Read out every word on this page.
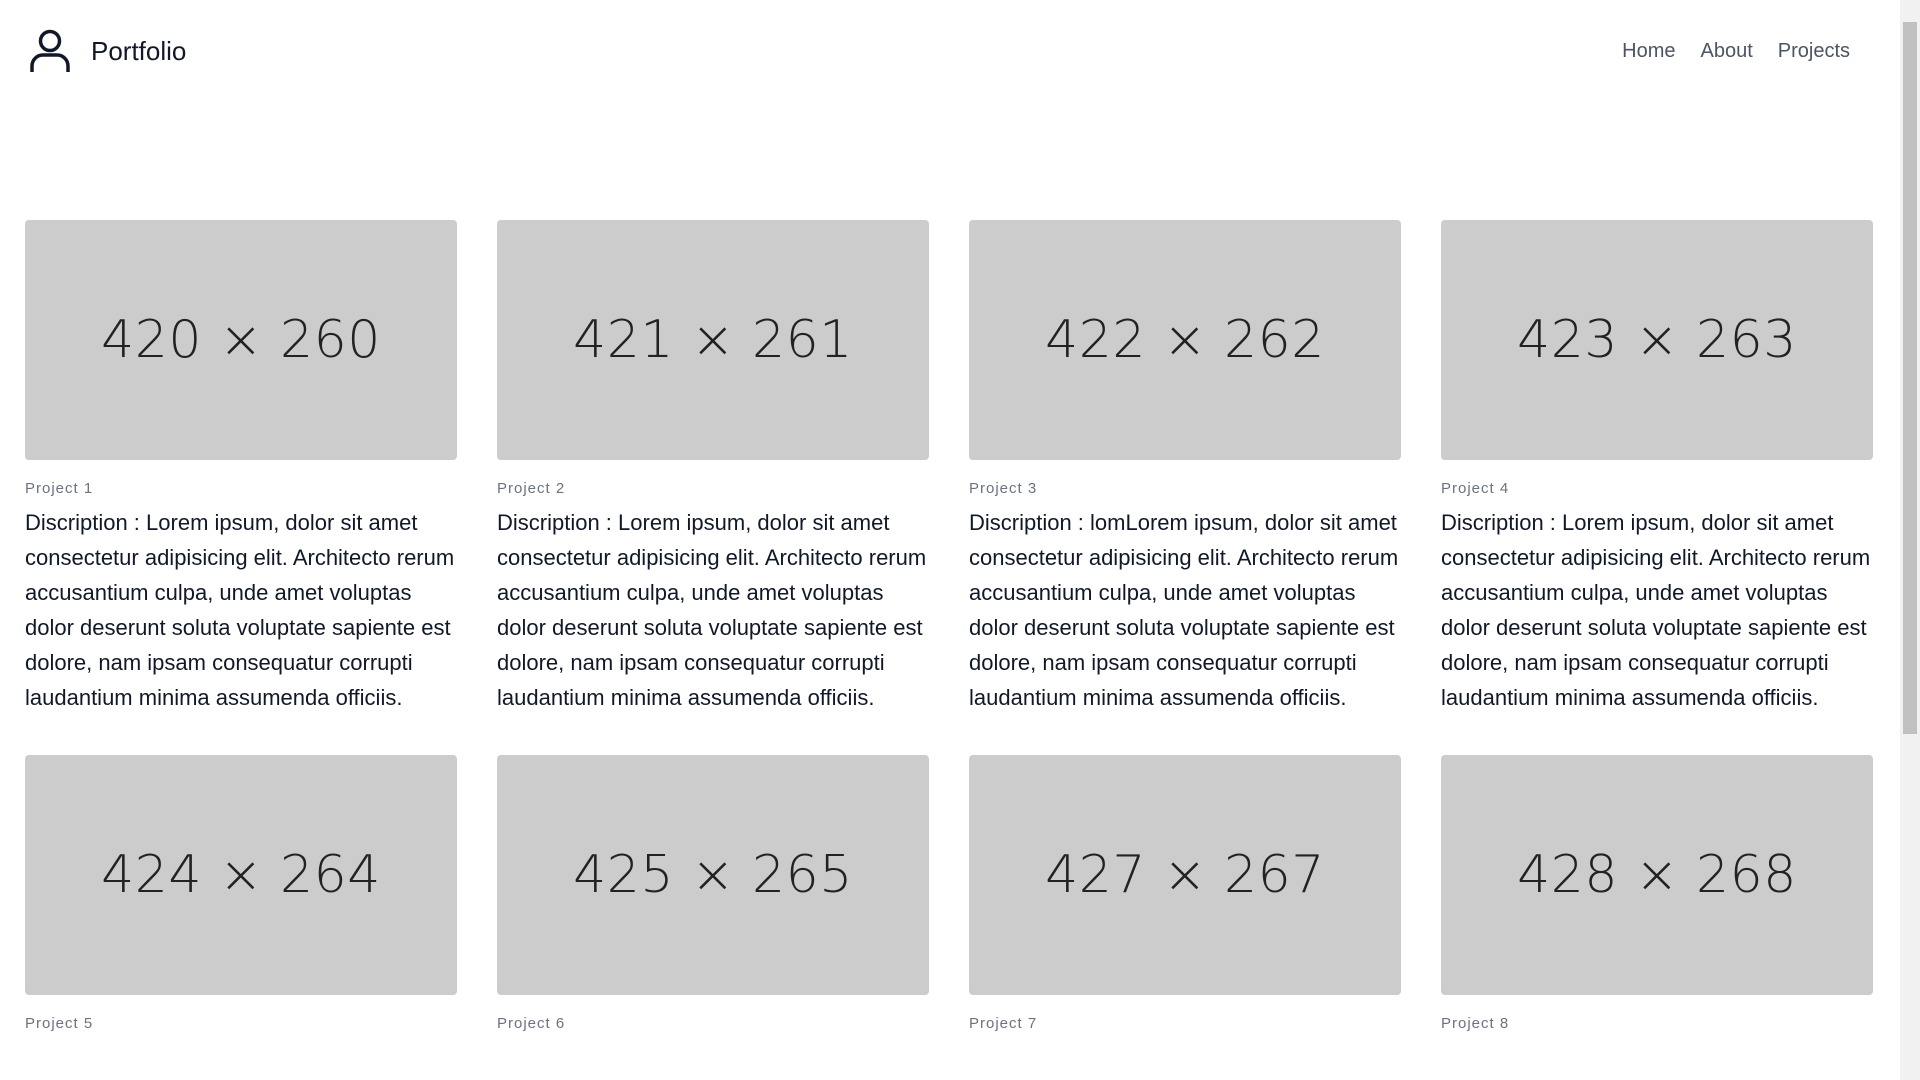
Portfolio	Home About Projects
420 × 260
Project 1

Discription : Lorem ipsum, dolor sit amet consectetur adipisicing elit. Architecto rerum accusantium culpa, unde amet voluptas dolor deserunt soluta voluptate sapiente est dolore, nam ipsam consequatur corrupti laudantium minima assumenda officiis.

421 × 261
Project 2

Discription : Lorem ipsum, dolor sit amet consectetur adipisicing elit. Architecto rerum accusantium culpa, unde amet voluptas dolor deserunt soluta voluptate sapiente est dolore, nam ipsam consequatur corrupti laudantium minima assumenda officiis.

422 × 262
Project 3

Discription : lomLorem ipsum, dolor sit amet consectetur adipisicing elit. Architecto rerum accusantium culpa, unde amet voluptas dolor deserunt soluta voluptate sapiente est dolore, nam ipsam consequatur corrupti laudantium minima assumenda officiis.

423 × 263
Project 4

Discription : Lorem ipsum, dolor sit amet consectetur adipisicing elit. Architecto rerum accusantium culpa, unde amet voluptas dolor deserunt soluta voluptate sapiente est dolore, nam ipsam consequatur corrupti laudantium minima assumenda officiis.

424 × 264
Project 5
425 × 265
Project 6
427 × 267
Project 7
428 × 268
Project 8
